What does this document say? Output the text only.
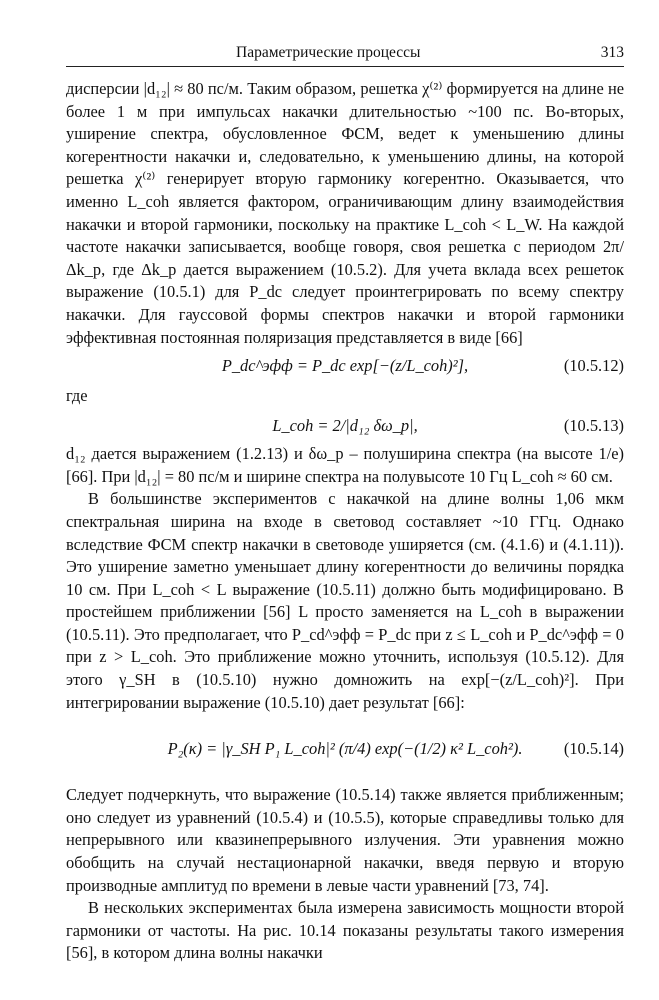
Параметрические процессы	313

дисперсии |d₁₂| ≈ 80 пс/м. Таким образом, решетка χ⁽²⁾ формируется на длине не более 1 м при импульсах накачки длительностью ~100 пс. Во-вторых, уширение спектра, обусловленное ФСМ, ведет к уменьшению длины когерентности накачки и, следовательно, к уменьшению длины, на которой решетка χ⁽²⁾ генерирует вторую гармонику когерентно. Оказывается, что именно L_coh является фактором, ограничивающим длину взаимодействия накачки и второй гармоники, поскольку на практике L_coh < L_W. На каждой частоте накачки записывается, вообще говоря, своя решетка с периодом 2π/Δk_p, где Δk_p дается выражением (10.5.2). Для учета вклада всех решеток выражение (10.5.1) для P_dc следует проинтегрировать по всему спектру накачки. Для гауссовой формы спектров накачки и второй гармоники эффективная постоянная поляризация представляется в виде [66]

P_dc^эфф = P_dc exp[−(z/L_coh)²],	(10.5.12)

где

L_coh = 2/|d₁₂ δω_p|,	(10.5.13)

d₁₂ дается выражением (1.2.13) и δω_p – полуширина спектра (на высоте 1/e) [66]. При |d₁₂| = 80 пс/м и ширине спектра на полувысоте 10 Гц L_coh ≈ 60 см.

В большинстве экспериментов с накачкой на длине волны 1,06 мкм спектральная ширина на входе в световод составляет ~10 ГГц. Однако вследствие ФСМ спектр накачки в световоде уширяется (см. (4.1.6) и (4.1.11)). Это уширение заметно уменьшает длину когерентности до величины порядка 10 см. При L_coh < L выражение (10.5.11) должно быть модифицировано. В простейшем приближении [56] L просто заменяется на L_coh в выражении (10.5.11). Это предполагает, что P_cd^эфф = P_dc при z ≤ L_coh и P_dc^эфф = 0 при z > L_coh. Это приближение можно уточнить, используя (10.5.12). Для этого γ_SH в (10.5.10) нужно домножить на exp[−(z/L_coh)²]. При интегрировании выражение (10.5.10) дает результат [66]:

P₂(κ) = |γ_SH P₁ L_coh|² (π/4) exp(−(1/2) κ² L_coh²).	(10.5.14)

Следует подчеркнуть, что выражение (10.5.14) также является приближенным; оно следует из уравнений (10.5.4) и (10.5.5), которые справедливы только для непрерывного или квазинепрерывного излучения. Эти уравнения можно обобщить на случай нестационарной накачки, введя первую и вторую производные амплитуд по времени в левые части уравнений [73, 74].

В нескольких экспериментах была измерена зависимость мощности второй гармоники от частоты. На рис. 10.14 показаны результаты такого измерения [56], в котором длина волны накачки
